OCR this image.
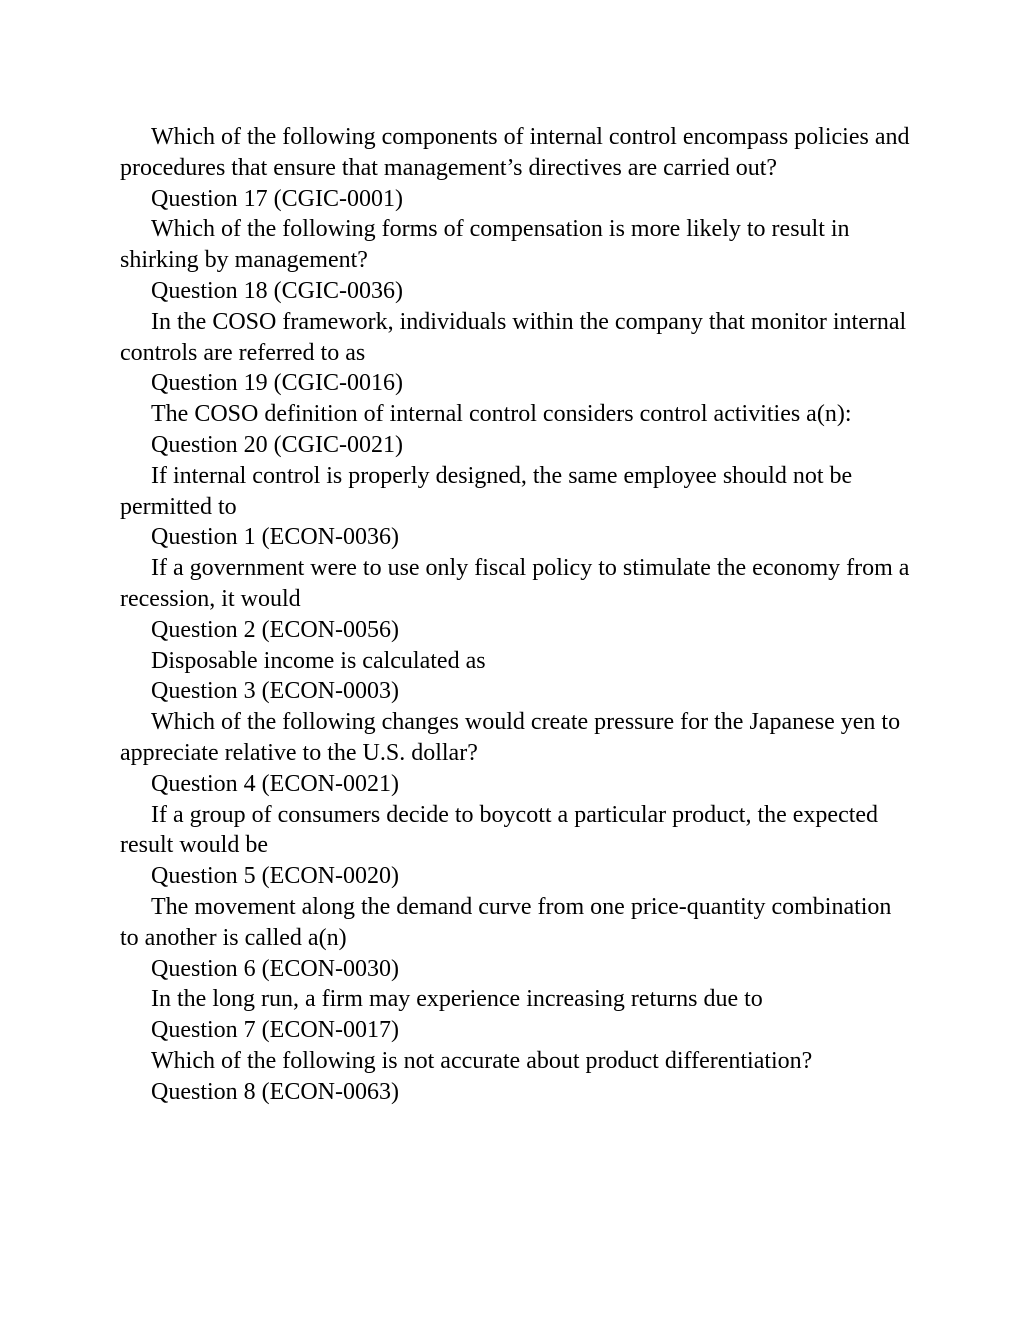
Which of the following components of internal control encompass policies and procedures that ensure that management’s directives are carried out?

Question 17 (CGIC-0001)

Which of the following forms of compensation is more likely to result in shirking by management?

Question 18 (CGIC-0036)

In the COSO framework, individuals within the company that monitor internal controls are referred to as

Question 19 (CGIC-0016)

The COSO definition of internal control considers control activities a(n):

Question 20 (CGIC-0021)

If internal control is properly designed, the same employee should not be permitted to

Question 1 (ECON-0036)

If a government were to use only fiscal policy to stimulate the economy from a recession, it would

Question 2 (ECON-0056)

Disposable income is calculated as

Question 3 (ECON-0003)

Which of the following changes would create pressure for the Japanese yen to appreciate relative to the U.S. dollar?

Question 4 (ECON-0021)

If a group of consumers decide to boycott a particular product, the expected result would be

Question 5 (ECON-0020)

The movement along the demand curve from one price-quantity combination to another is called a(n)

Question 6 (ECON-0030)

In the long run, a firm may experience increasing returns due to

Question 7 (ECON-0017)

Which of the following is not accurate about product differentiation?

Question 8 (ECON-0063)
